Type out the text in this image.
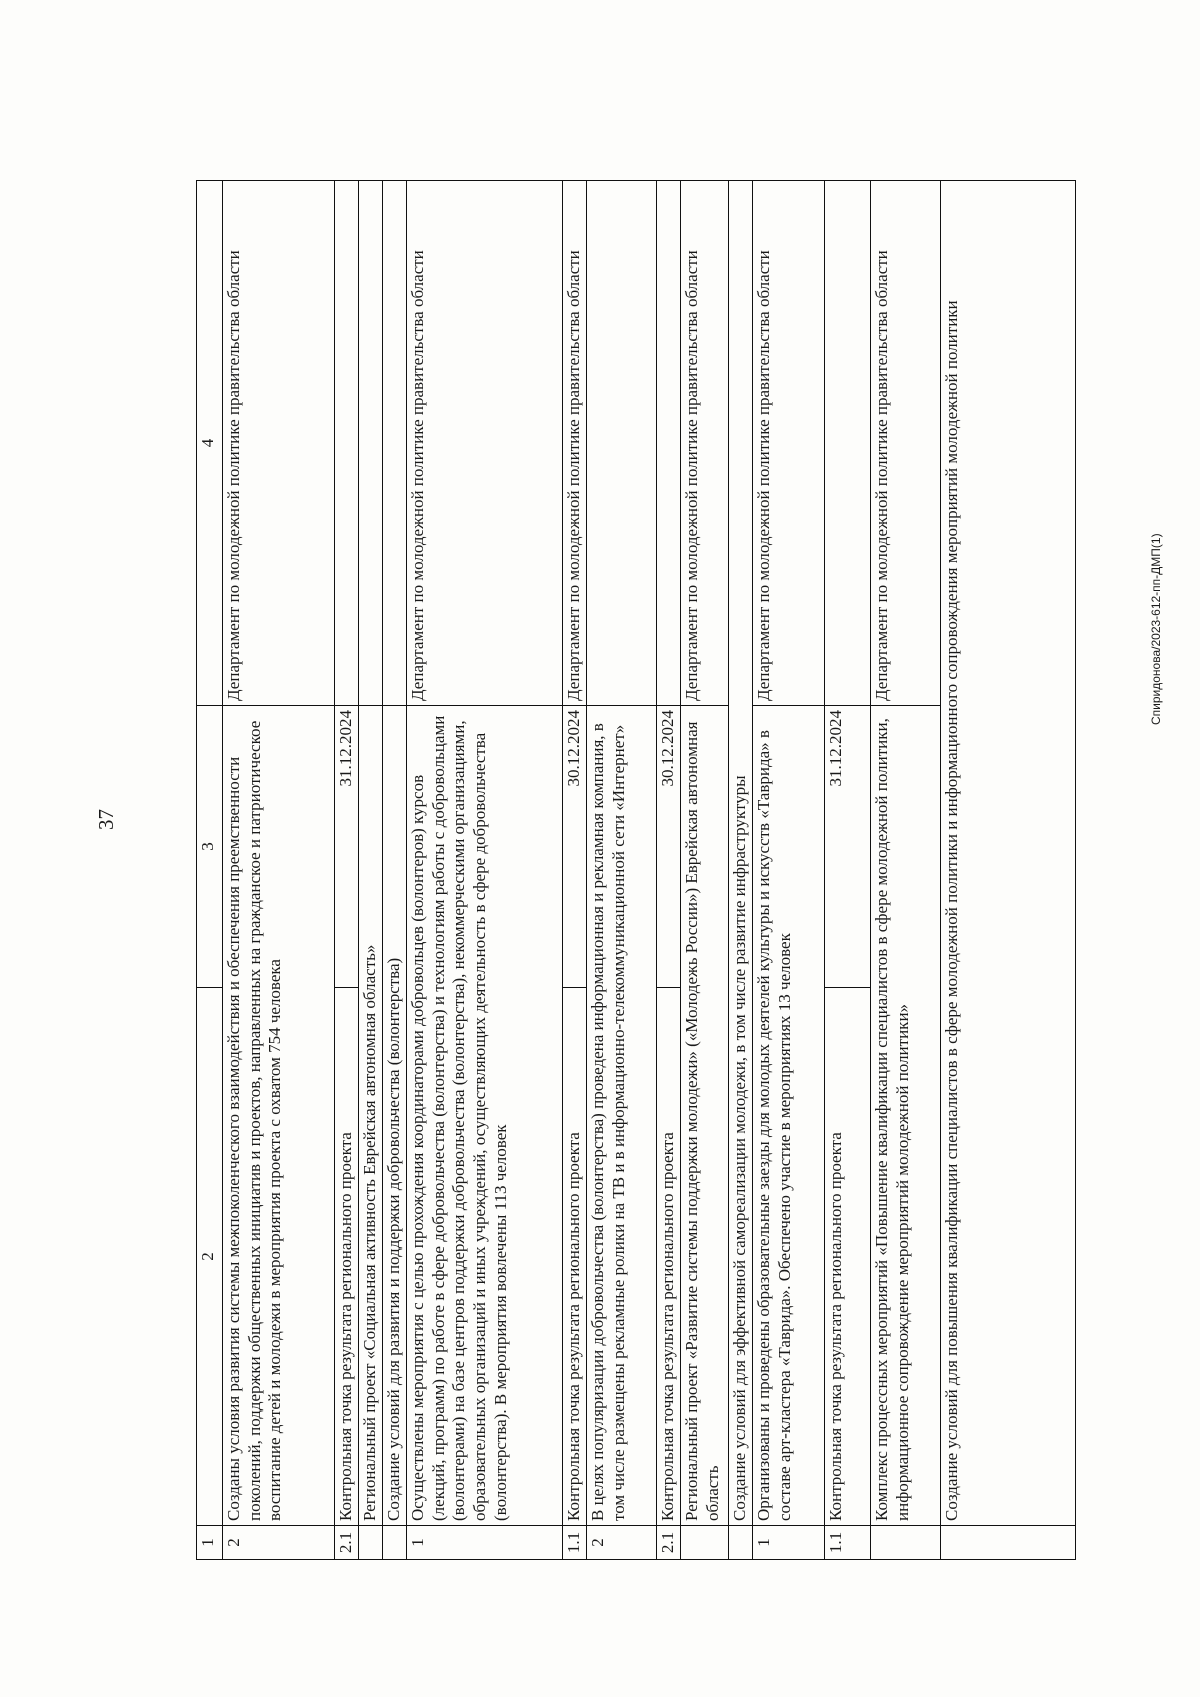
37
Спиридонова/2023-612-пп-ДМП(1)
1
2
3
4
2
Созданы условия развития системы межпоколенческого взаимодействия и обеспечения преемственности поколений, поддержки общественных инициатив и проектов, направленных на гражданское и патриотическое воспитание детей и молодежи в мероприятия проекта с охватом 754 человека
Департамент по молодежной политике правительства области
2.1
Контрольная точка результата регионального проекта
31.12.2024
Региональный проект «Социальная активность Еврейская автономная область» Создание условий для развития и поддержки добровольчества (волонтерства)
1
Осуществлены мероприятия с целью прохождения координаторами добровольцев (волонтеров) курсов (лекций, программ) по работе в сфере добровольчества (волонтерства) и технологиям работы с добровольцами (волонтерами) на базе центров поддержки добровольчества (волонтерства), некоммерческими организациями, образовательных организаций и иных учреждений, осуществляющих деятельность в сфере добровольчества (волонтерства). В мероприятия вовлечены 113 человек
Департамент по молодежной политике правительства области
1.1
Контрольная точка результата регионального проекта
30.12.2024
Департамент по молодежной политике правительства области
2
В целях популяризации добровольчества (волонтерства) проведена информационная и рекламная компания, в том числе размещены рекламные ролики на ТВ и в информационно-телекоммуникационной сети «Интернет»
2.1
Контрольная точка результата регионального проекта
30.12.2024 Региональный проект «Развитие системы поддержки молодежи» («Молодежь России») Еврейская автономная область
Департамент по молодежной политике правительства области
Создание условий для эффективной самореализации молодежи, в том числе развитие инфраструктуры
1
Организованы и проведены образовательные заезды для молодых деятелей культуры и искусств «Таврида» в составе арт-кластера «Таврида». Обеспечено участие в мероприятиях 13 человек
Департамент по молодежной политике правительства области
1.1
Контрольная точка результата регионального проекта
31.12.2024	Комплекс процессных мероприятий «Повышение квалификации специалистов в сфере молодежной политики, информационное сопровождение мероприятий молодежной политики»
Департамент по молодежной политике правительства области	Создание условий для повышения квалификации специалистов в сфере молодежной политики и информационного сопровождения мероприятий молодежной политики
